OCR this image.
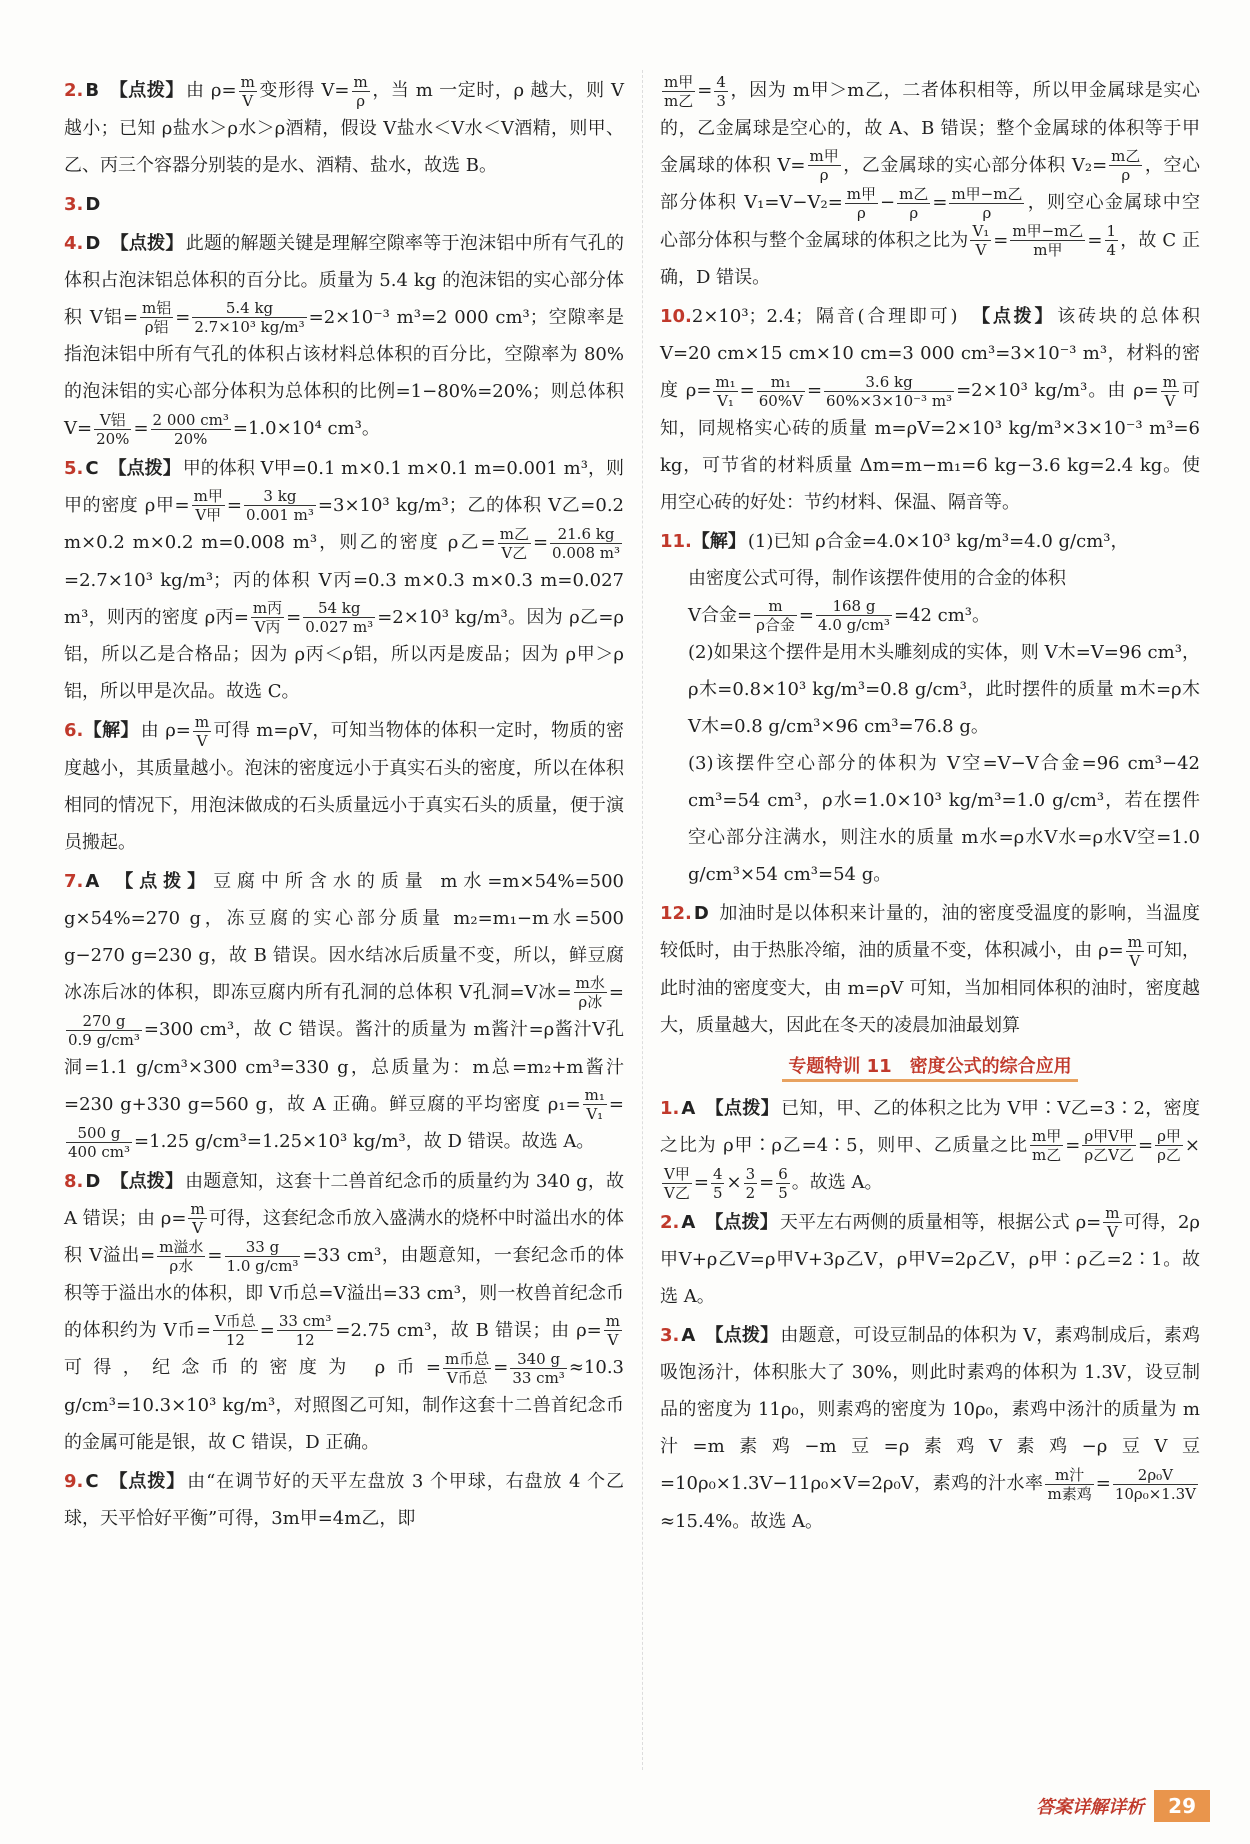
2. B 【点拨】 由 $\rho= \frac{m}{V}$ 变形得 $V= \frac{m}{\rho}$ ，当 m 一定时，ρ 越大，则 V 越小；已知 ρ盐水＞ρ水＞ρ酒精，假设 V盐水＜V水＜V酒精，则甲、乙、丙三个容器分别装的是水、酒精、盐水，故选 B。
3. D
4. D 【点拨】 此题的解题关键是理解空隙率等于泡沫铝中所有气孔的体积占泡沫铝总体积的百分比。质量为 5.4 kg 的泡沫铝的实心部分体积 V铝= $\frac{\text{m铝}}{\text{ρ铝}} = \frac{5.4 kg}{\text{2.7×10³ kg/m³}} =2\times 10^{-3}$ m³=2 000 cm³；空隙率是指泡沫铝中所有气孔的体积占该材料总体积的百分比，空隙率为 80% 的泡沫铝的实心部分体积为总体积的比例=1−80%=20%；则总体积 $V= \frac{\text{V铝}}{20\%} = \frac{\text{2 000 cm³}}{20\%} =1.0\times 10^4$ cm³。
5. C 【点拨】 甲的体积 V甲=0.1 m×0.1 m×0.1 m=0.001 m³，则甲的密度 ρ甲= $\frac{\text{m甲}}{\text{V甲}} = \frac{3 kg}{\text{0.001 m³}} =3\times 10^3$ kg/m³；乙的体积 V乙=0.2 m×0.2 m×0.2 m=0.008 m³，则乙的密度 ρ乙= $\frac{\text{m乙}}{\text{V乙}} = \frac{21.6 kg}{\text{0.008 m³}}$
=2.7×10³ kg/m³；丙的体积 V丙=0.3 m×0.3 m×0.3 m=0.027 m³，则丙的密度 ρ丙= $\frac{\text{m丙}}{\text{V丙}} = \frac{54 kg}{\text{0.027 m³}} =2\times 10^3$ kg/m³。因为 ρ乙=ρ铝，所以乙是合格品；因为 ρ丙＜ρ铝，所以丙是废品；因为 ρ甲＞ρ铝，所以甲是次品。故选 C。
6.【解】 由 $\rho= \frac{m}{V}$ 可得 m=ρV，可知当物体的体积一定时，物质的密度越小，其质量越小。泡沫的密度远小于真实石头的密度，所以在体积相同的情况下，用泡沫做成的石头质量远小于真实石头的质量，便于演员搬起。
7. A 【点拨】 豆腐中所含水的质量 m水=m×54%=500 g×54%=270 g，冻豆腐的实心部分质量 m₂=m₁−m水=500 g−270 g=230 g，故 B 错误。因水结冰后质量不变，所以，鲜豆腐冰冻后冰的体积，即冻豆腐内所有孔洞的总体积 V孔洞=V冰= $\frac{\text{m水}}{\text{ρ冰}}$ =
$\frac{270 g}{\text{0.9 g/cm³}} =300$ cm³，故 C 错误。酱汁的质量为 m酱汁=ρ酱汁V孔洞=1.1 g/cm³×300 cm³=330 g，总质量为：m总=m₂+m酱汁=230 g+330 g=560 g，故 A 正确。鲜豆腐的平均密度 $\rho_1= \frac{\text{m₁}}{\text{V₁}}$ =
$\frac{500 g}{\text{400 cm³}} =1.25$ g/cm³=1.25×10³ kg/m³，故 D 错误。故选 A。
8. D 【点拨】 由题意知，这套十二兽首纪念币的质量约为 340 g，故 A 错误；由 $\rho= \frac{m}{V}$ 可得，这套纪念币放入盛满水的烧杯中时溢出水的体积 V溢出= $\frac{\text{m溢水}}{\text{ρ水}} = \frac{33 g}{\text{1.0 g/cm³}} =33$ cm³，由题意知，一套纪念币的体积等于溢出水的体积，即 V币总=V溢出=33 cm³，则一枚兽首纪念币的体积约为 V币= $\frac{\text{V币总}}{12} = \frac{\text{33 cm³}}{12} =2.75$ cm³，故 B 错误；由 $\rho= \frac{m}{V}$
可得，纪念币的密度为 ρ币= $\frac{\text{m币总}}{\text{V币总}} = \frac{340 g}{\text{33 cm³}} \approx 10.3$ g/cm³=10.3×10³ kg/m³，对照图乙可知，制作这套十二兽首纪念币的金属可能是银，故 C 错误，D 正确。
9. C 【点拨】 由“在调节好的天平左盘放 3 个甲球，右盘放 4 个乙球，天平恰好平衡”可得，3m甲=4m乙，即
$\frac{\text{m甲}}{\text{m乙}} = \frac{4}{3}$ ，因为 m甲＞m乙，二者体积相等，所以甲金属球是实心的，乙金属球是空心的，故 A、B 错误；整个金属球的体积等于甲金属球的体积 $V= \frac{\text{m甲}}{\rho}$ ，乙金属球的实心部分体积 $V_2= \frac{\text{m乙}}{\rho}$ ，空心部分体积 $V_1=V-V_2= \frac{\text{m甲}}{\rho} - \frac{\text{m乙}}{\rho} = \frac{\text{m甲−m乙}}{\rho}$ ，则空心金属球中空心部分体积与整个金属球的体积之比为 $\frac{\text{V₁}}{V} = \frac{\text{m甲−m乙}}{\text{m甲}} = \frac{1}{4}$ ，故 C 正确，D 错误。
10.2×10³；2.4；隔音(合理即可)　 【点拨】 该砖块的总体积 V=20 cm×15 cm×10 cm=3 000 cm³=3×10⁻³ m³，材料的密度 $\rho= \frac{\text{m₁}}{\text{V₁}} = \frac{\text{m₁}}{60\%V} = \frac{3.6 kg}{\text{60\%×3×10⁻³ m³}} =2\times 10^3$ kg/m³。由 $\rho= \frac{m}{V}$ 可知，同规格实心砖的质量 m=ρV=2×10³ kg/m³×3×10⁻³ m³=6 kg，可节省的材料质量 Δm=m−m₁=6 kg−3.6 kg=2.4 kg。使用空心砖的好处：节约材料、保温、隔音等。
11.【解】 (1)已知 ρ合金=4.0×10³ kg/m³=4.0 g/cm³，
由密度公式可得，制作该摆件使用的合金的体积
V合金= $\frac{m}{\text{ρ合金}} = \frac{168 g}{\text{4.0 g/cm³}} =42$ cm³。
(2)如果这个摆件是用木头雕刻成的实体，则 V木=V=96 cm³，ρ木=0.8×10³ kg/m³=0.8 g/cm³，此时摆件的质量 m木=ρ木V木=0.8 g/cm³×96 cm³=76.8 g。
(3)该摆件空心部分的体积为 V空=V−V合金=96 cm³−42 cm³=54 cm³，ρ水=1.0×10³ kg/m³=1.0 g/cm³，若在摆件空心部分注满水，则注水的质量 m水=ρ水V水=ρ水V空=1.0 g/cm³×54 cm³=54 g。
12. D 加油时是以体积来计量的，油的密度受温度的影响，当温度较低时，由于热胀冷缩，油的质量不变，体积减小，由 $\rho= \frac{m}{V}$ 可知，此时油的密度变大，由 m=ρV 可知，当加相同体积的油时，密度越大，质量越大，因此在冬天的凌晨加油最划算
专题特训 11　密度公式的综合应用
1. A 【点拨】 已知，甲、乙的体积之比为 V甲∶V乙=3∶2，密度之比为 ρ甲∶ρ乙=4∶5，则甲、乙质量之比 $\frac{\text{m甲}}{\text{m乙}} = \frac{\text{ρ甲V甲}}{\text{ρ乙V乙}} = \frac{\text{ρ甲}}{\text{ρ乙}}$ ×
$\frac{\text{V甲}}{\text{V乙}} = \frac{4}{5} \times \frac{3}{2} = \frac{6}{5}$ 。故选 A。
2. A 【点拨】 天平左右两侧的质量相等，根据公式 $\rho= \frac{m}{V}$ 可得，2ρ甲V+ρ乙V=ρ甲V+3ρ乙V，ρ甲V=2ρ乙V，ρ甲∶ρ乙=2∶1。故选 A。
3. A 【点拨】 由题意，可设豆制品的体积为 V，素鸡制成后，素鸡吸饱汤汁，体积胀大了 30%，则此时素鸡的体积为 1.3V，设豆制品的密度为 11ρ₀，则素鸡的密度为 10ρ₀，素鸡中汤汁的质量为 m汁=m素鸡−m豆=ρ素鸡V素鸡−ρ豆V豆=10ρ₀×1.3V−11ρ₀×V=2ρ₀V，素鸡的汁水率 $\frac{\text{m汁}}{\text{m素鸡}} = \frac{\text{2ρ₀V}}{\text{10ρ₀×1.3V}}$
≈15.4%。故选 A。
答案详解详析	29
